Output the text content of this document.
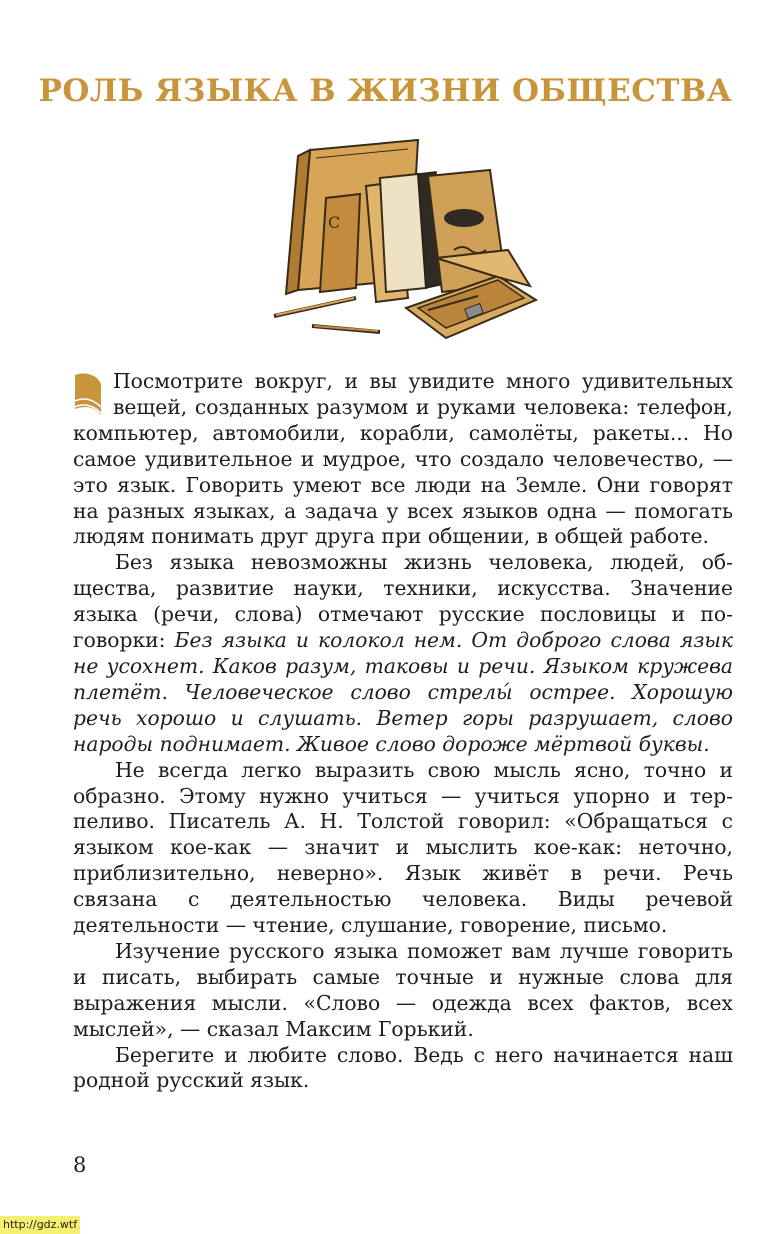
РОЛЬ ЯЗЫКА В ЖИЗНИ ОБЩЕСТВА
С

Посмотрите вокруг, и вы увидите много удивительных вещей, созданных разумом и руками человека: телефон, компьютер, автомобили, корабли, самолёты, ракеты... Но самое удивительное и мудрое, что создало человечество, — это язык. Говорить умеют все люди на Земле. Они говорят на разных языках, а задача у всех языков одна — помогать людям понимать друг друга при общении, в общей работе.

Без языка невозможны жизнь человека, людей, общества, развитие науки, техники, искусства. Значение языка (речи, слова) отмечают русские пословицы и поговорки: Без языка и колокол нем. От доброго слова язык не усохнет. Каков разум, таковы и речи. Языком кружева плетёт. Человеческое слово стрелы́ острее. Хорошую речь хорошо и слушать. Ветер горы разрушает, слово народы поднимает. Живое слово дороже мёртвой буквы.

Не всегда легко выразить свою мысль ясно, точно и образно. Этому нужно учиться — учиться упорно и терпеливо. Писатель А. Н. Толстой говорил: «Обращаться с языком кое-как — значит и мыслить кое-как: неточно, приблизительно, неверно». Язык живёт в речи. Речь связана с деятельностью человека. Виды речевой деятельности — чтение, слушание, говорение, письмо.

Изучение русского языка поможет вам лучше говорить и писать, выбирать самые точные и нужные слова для выражения мысли. «Слово — одежда всех фактов, всех мыслей», — сказал Максим Горький.

Берегите и любите слово. Ведь с него начинается наш родной русский язык.

8
http://gdz.wtf
